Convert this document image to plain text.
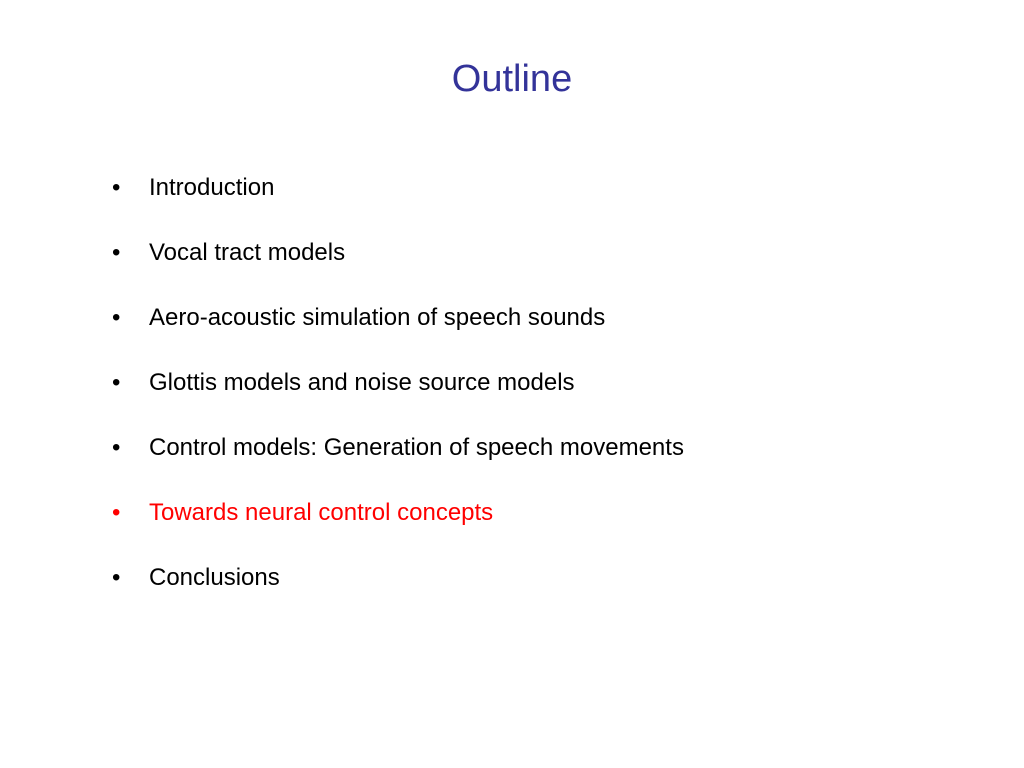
Outline
•	Introduction
•	Vocal tract models
•	Aero-acoustic simulation of speech sounds
•	Glottis models and noise source models
•	Control models: Generation of speech movements
•	Towards neural control concepts
•	Conclusions
